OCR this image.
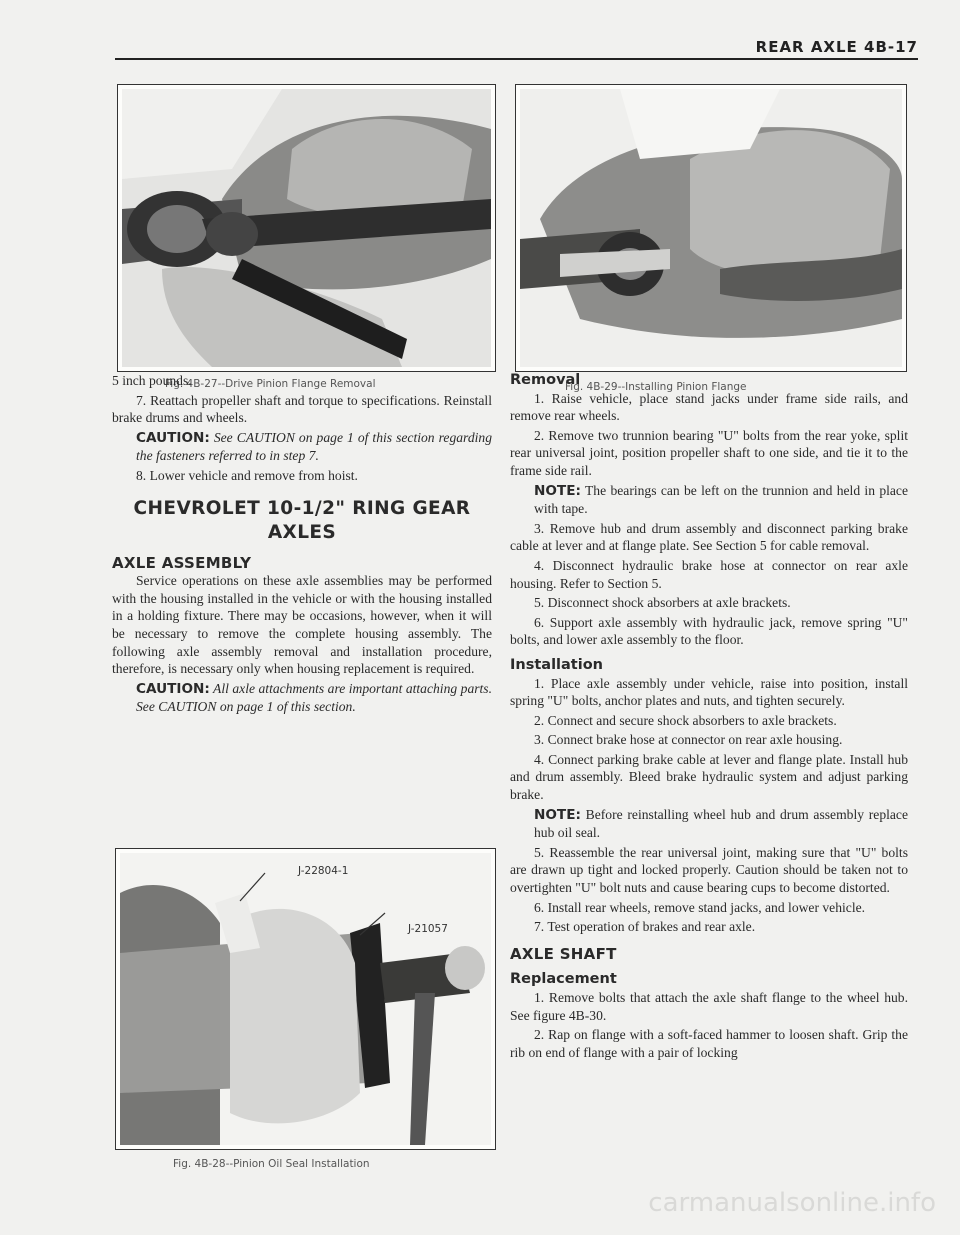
REAR AXLE 4B-17
Fig. 4B-27--Drive Pinion Flange Removal	Fig. 4B-29--Installing Pinion Flange

5 inch pounds.

7. Reattach propeller shaft and torque to specifications. Reinstall brake drums and wheels.

CAUTION: See CAUTION on page 1 of this section regarding the fasteners referred to in step 7.

8. Lower vehicle and remove from hoist.

CHEVROLET 10-1/2" RING GEAR AXLES

AXLE ASSEMBLY

Service operations on these axle assemblies may be performed with the housing installed in the vehicle or with the housing installed in a holding fixture. There may be occasions, however, when it will be necessary to remove the complete housing assembly. The following axle assembly removal and installation procedure, therefore, is necessary only when housing replacement is required.

CAUTION: All axle attachments are important attaching parts. See CAUTION on page 1 of this section.

J-22804-1
J-21057
Fig. 4B-28--Pinion Oil Seal Installation

Removal

1. Raise vehicle, place stand jacks under frame side rails, and remove rear wheels.

2. Remove two trunnion bearing "U" bolts from the rear yoke, split rear universal joint, position propeller shaft to one side, and tie it to the frame side rail.

NOTE: The bearings can be left on the trunnion and held in place with tape.

3. Remove hub and drum assembly and disconnect parking brake cable at lever and at flange plate. See Section 5 for cable removal.

4. Disconnect hydraulic brake hose at connector on rear axle housing. Refer to Section 5.

5. Disconnect shock absorbers at axle brackets.

6. Support axle assembly with hydraulic jack, remove spring "U" bolts, and lower axle assembly to the floor.

Installation

1. Place axle assembly under vehicle, raise into position, install spring "U" bolts, anchor plates and nuts, and tighten securely.

2. Connect and secure shock absorbers to axle brackets.

3. Connect brake hose at connector on rear axle housing.

4. Connect parking brake cable at lever and flange plate. Install hub and drum assembly. Bleed brake hydraulic system and adjust parking brake.

NOTE: Before reinstalling wheel hub and drum assembly replace hub oil seal.

5. Reassemble the rear universal joint, making sure that "U" bolts are drawn up tight and locked properly. Caution should be taken not to overtighten "U" bolt nuts and cause bearing cups to become distorted.

6. Install rear wheels, remove stand jacks, and lower vehicle.

7. Test operation of brakes and rear axle.

AXLE SHAFT

Replacement

1. Remove bolts that attach the axle shaft flange to the wheel hub. See figure 4B-30.

2. Rap on flange with a soft-faced hammer to loosen shaft. Grip the rib on end of flange with a pair of locking

carmanualsonline.info
